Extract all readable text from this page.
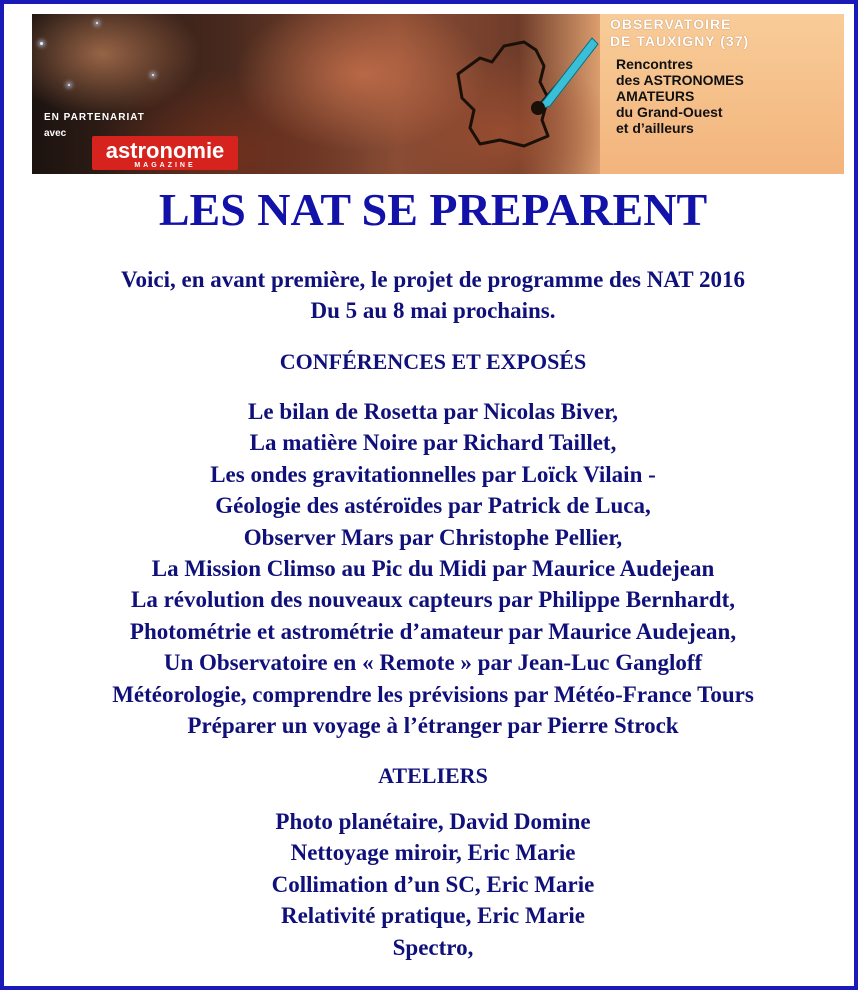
OBSERVATOIRE
DE TAUXIGNY (37)
Rencontres
des ASTRONOMES
AMATEURS
du Grand-Ouest
et d’ailleurs
EN PARTENARIAT
avec
astronomie
MAGAZINE
LES NAT SE PREPARENT
Voici, en avant première, le projet de programme des NAT 2016
Du 5 au 8 mai prochains.
CONFÉRENCES ET EXPOSÉS
Le bilan de Rosetta par Nicolas Biver,
La matière Noire par Richard Taillet,
Les ondes gravitationnelles par Loïck Vilain -
Géologie des astéroïdes par Patrick de Luca,
Observer Mars par Christophe Pellier,
La Mission Climso au Pic du Midi par Maurice Audejean
La révolution des nouveaux capteurs par Philippe Bernhardt,
Photométrie et astrométrie d’amateur par Maurice Audejean,
Un Observatoire en « Remote » par Jean-Luc Gangloff
Météorologie, comprendre les prévisions par Météo-France Tours
Préparer un voyage à l’étranger par Pierre Strock
ATELIERS
Photo planétaire, David Domine
Nettoyage miroir, Eric Marie
Collimation d’un SC, Eric Marie
Relativité pratique, Eric Marie
Spectro,
